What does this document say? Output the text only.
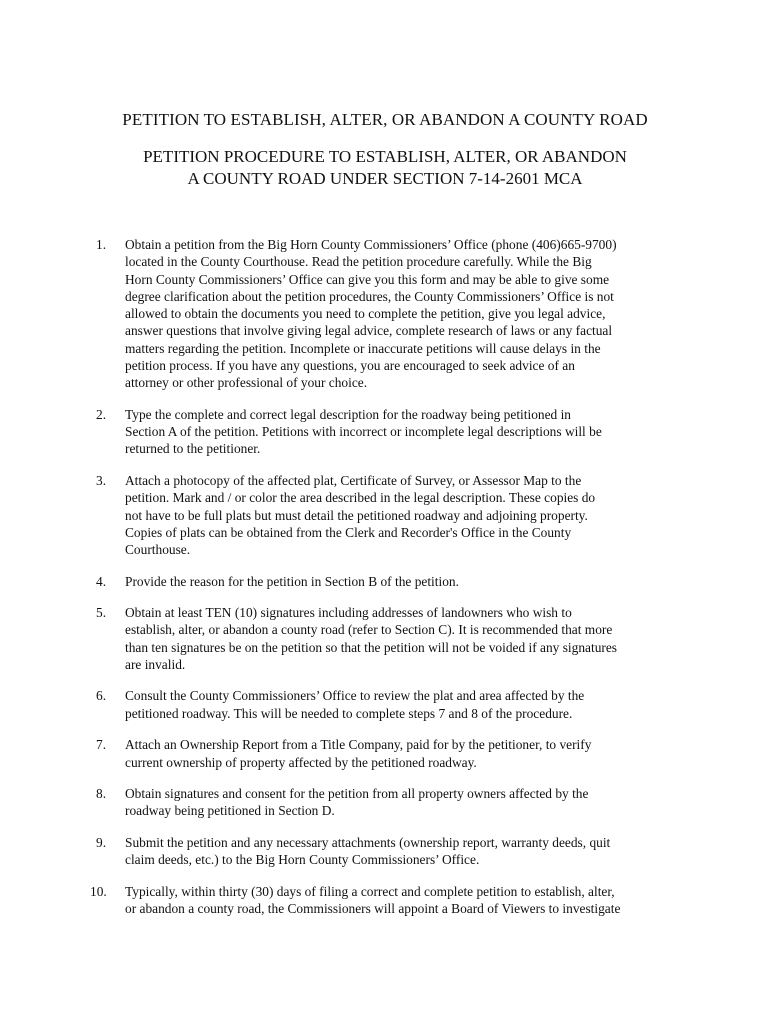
PETITION TO ESTABLISH, ALTER, OR ABANDON A COUNTY ROAD
PETITION PROCEDURE TO ESTABLISH, ALTER, OR ABANDON
A COUNTY ROAD UNDER SECTION 7-14-2601 MCA
1.	Obtain a petition from the Big Horn County Commissioners’ Office (phone (406)665-9700)
located in the County Courthouse. Read the petition procedure carefully. While the Big
Horn County Commissioners’ Office can give you this form and may be able to give some
degree clarification about the petition procedures, the County Commissioners’ Office is not
allowed to obtain the documents you need to complete the petition, give you legal advice,
answer questions that involve giving legal advice, complete research of laws or any factual
matters regarding the petition. Incomplete or inaccurate petitions will cause delays in the
petition process. If you have any questions, you are encouraged to seek advice of an
attorney or other professional of your choice.
2.	Type the complete and correct legal description for the roadway being petitioned in
Section A of the petition. Petitions with incorrect or incomplete legal descriptions will be
returned to the petitioner.
3.	Attach a photocopy of the affected plat, Certificate of Survey, or Assessor Map to the
petition. Mark and / or color the area described in the legal description. These copies do
not have to be full plats but must detail the petitioned roadway and adjoining property.
Copies of plats can be obtained from the Clerk and Recorder's Office in the County
Courthouse.
4.	Provide the reason for the petition in Section B of the petition.
5.	Obtain at least TEN (10) signatures including addresses of landowners who wish to
establish, alter, or abandon a county road (refer to Section C). It is recommended that more
than ten signatures be on the petition so that the petition will not be voided if any signatures
are invalid.
6.	Consult the County Commissioners’ Office to review the plat and area affected by the
petitioned roadway. This will be needed to complete steps 7 and 8 of the procedure.
7.	Attach an Ownership Report from a Title Company, paid for by the petitioner, to verify
current ownership of property affected by the petitioned roadway.
8.	Obtain signatures and consent for the petition from all property owners affected by the
roadway being petitioned in Section D.
9.	Submit the petition and any necessary attachments (ownership report, warranty deeds, quit
claim deeds, etc.) to the Big Horn County Commissioners’ Office.
10.	Typically, within thirty (30) days of filing a correct and complete petition to establish, alter,
or abandon a county road, the Commissioners will appoint a Board of Viewers to investigate
